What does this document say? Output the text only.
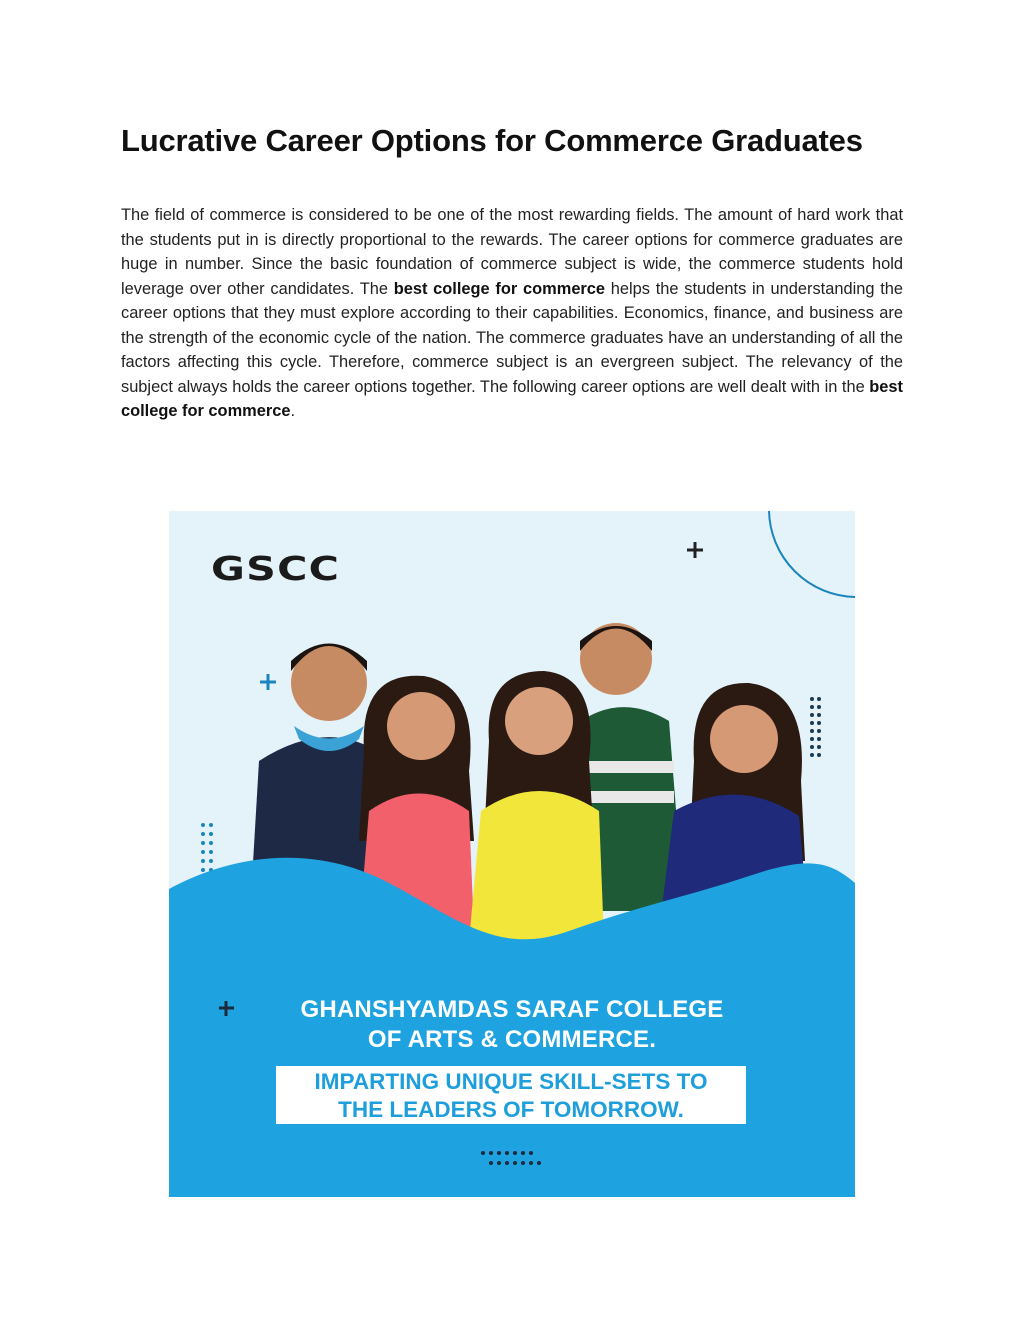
Lucrative Career Options for Commerce Graduates

The field of commerce is considered to be one of the most rewarding fields. The amount of hard work that the students put in is directly proportional to the rewards. The career options for commerce graduates are huge in number. Since the basic foundation of commerce subject is wide, the commerce students hold leverage over other candidates. The best college for commerce helps the students in understanding the career options that they must explore according to their capabilities. Economics, finance, and business are the strength of the economic cycle of the nation. The commerce graduates have an understanding of all the factors affecting this cycle. Therefore, commerce subject is an evergreen subject. The relevancy of the subject always holds the career options together. The following career options are well dealt with in the best college for commerce.

GSCC
GHANSHYAMDAS SARAF COLLEGE
OF ARTS & COMMERCE.
IMPARTING UNIQUE SKILL-SETS TO
THE LEADERS OF TOMORROW.
